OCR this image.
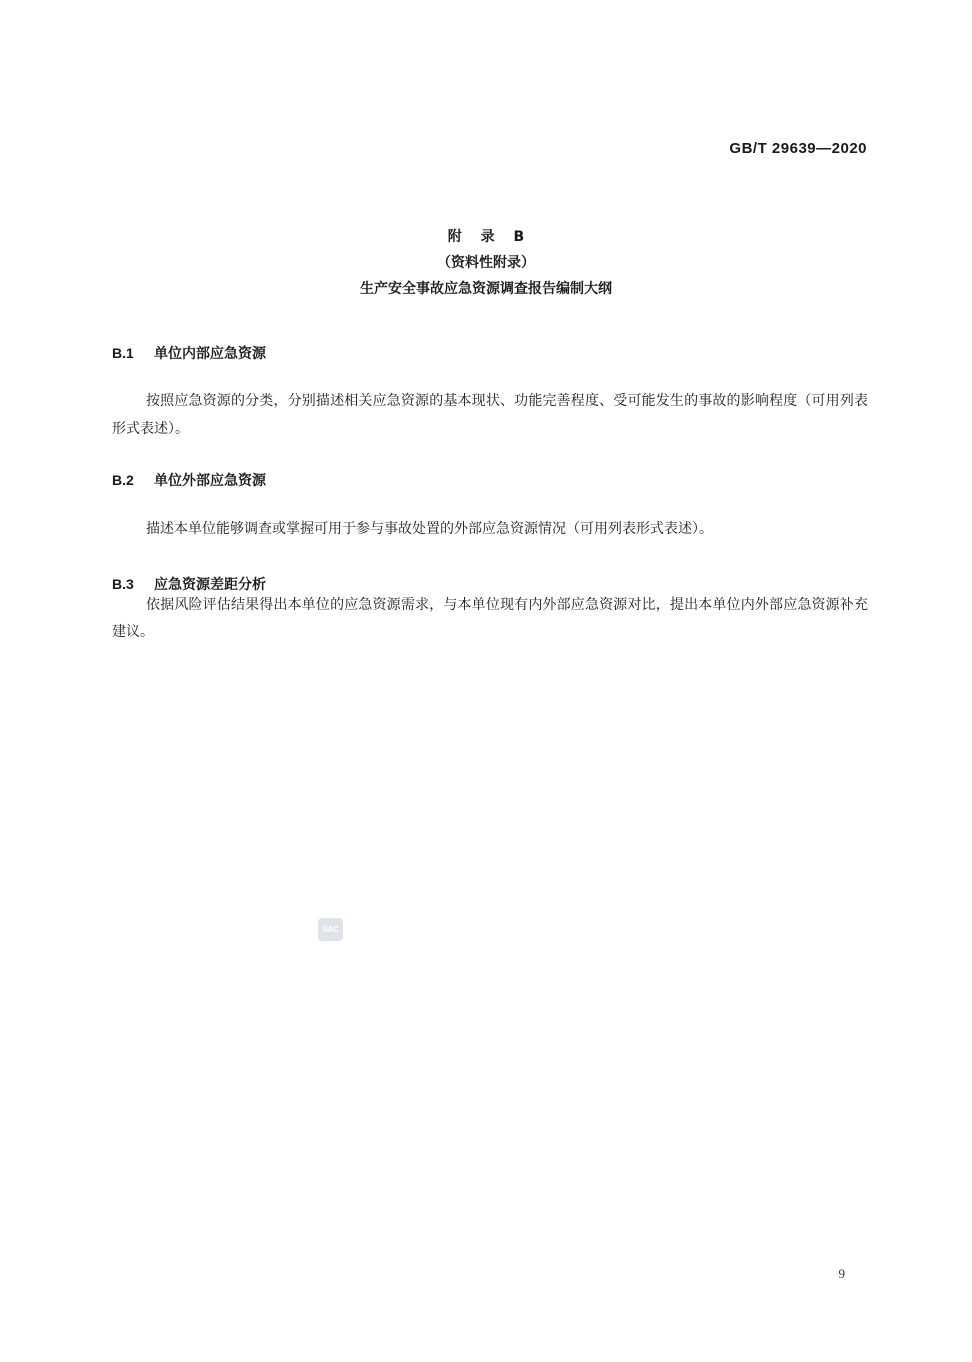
GB/T 29639—2020
附 录 B
（资料性附录）
生产安全事故应急资源调查报告编制大纲
B.1 单位内部应急资源
按照应急资源的分类，分别描述相关应急资源的基本现状、功能完善程度、受可能发生的事故的影响程度（可用列表形式表述）。
B.2 单位外部应急资源
描述本单位能够调查或掌握可用于参与事故处置的外部应急资源情况（可用列表形式表述）。
B.3 应急资源差距分析
依据风险评估结果得出本单位的应急资源需求，与本单位现有内外部应急资源对比，提出本单位内外部应急资源补充建议。
SAC
9
